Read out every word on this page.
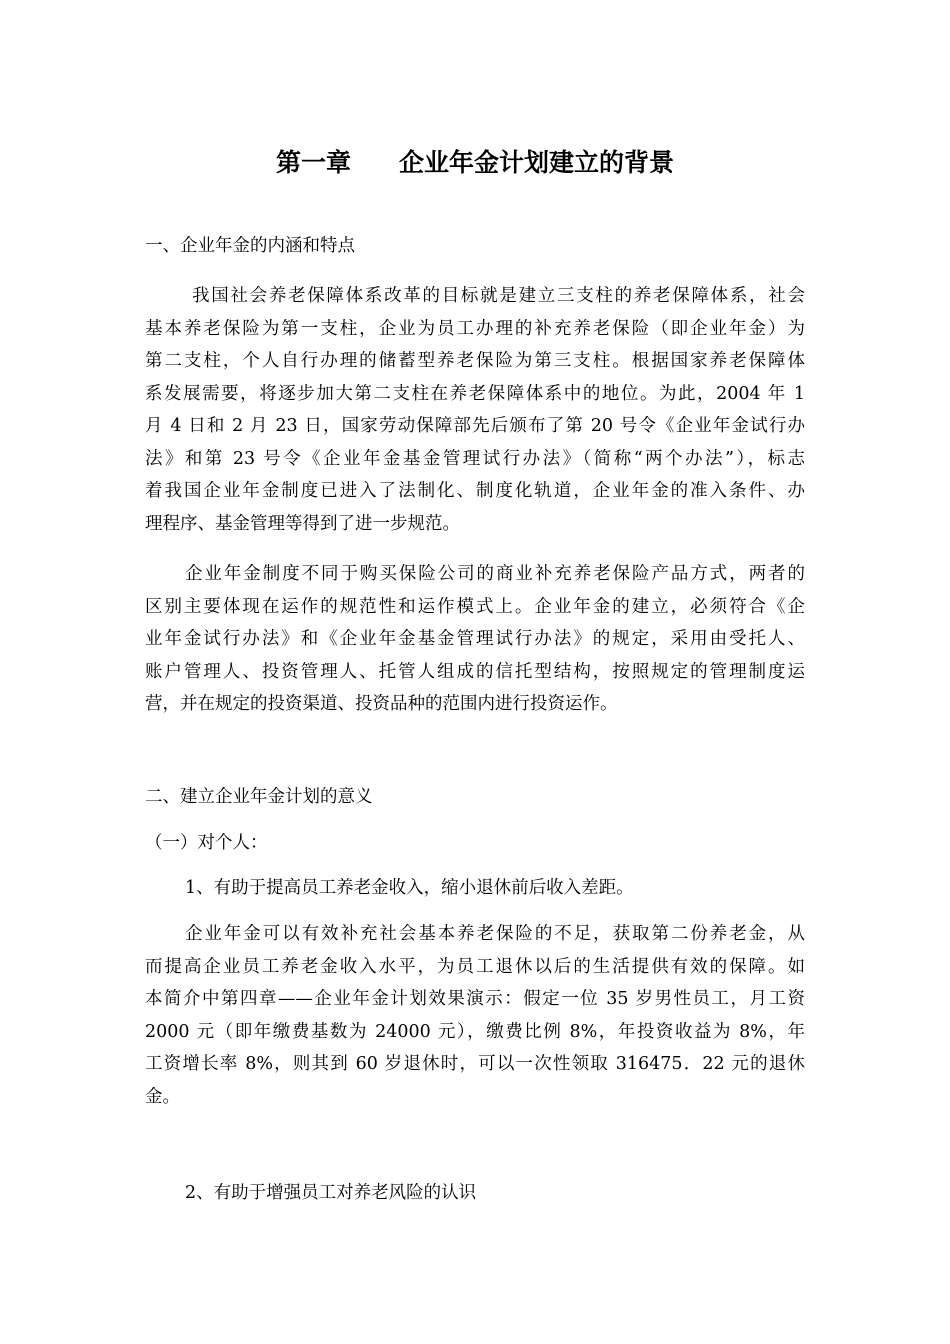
第一章 企业年金计划建立的背景

一、企业年金的内涵和特点

我国社会养老保障体系改革的目标就是建立三支柱的养老保障体系，社会
基本养老保险为第一支柱，企业为员工办理的补充养老保险（即企业年金）为
第二支柱，个人自行办理的储蓄型养老保险为第三支柱。根据国家养老保障体
系发展需要，将逐步加大第二支柱在养老保障体系中的地位。为此，2004 年 1
月 4 日和 2 月 23 日，国家劳动保障部先后颁布了第 20 号令《企业年金试行办
法》和第 23 号令《企业年金基金管理试行办法》（简称“两个办法”），标志
着我国企业年金制度已进入了法制化、制度化轨道，企业年金的准入条件、办
理程序、基金管理等得到了进一步规范。
企业年金制度不同于购买保险公司的商业补充养老保险产品方式，两者的
区别主要体现在运作的规范性和运作模式上。企业年金的建立，必须符合《企
业年金试行办法》和《企业年金基金管理试行办法》的规定，采用由受托人、
账户管理人、投资管理人、托管人组成的信托型结构，按照规定的管理制度运
营，并在规定的投资渠道、投资品种的范围内进行投资运作。

二、建立企业年金计划的意义

（一）对个人：

1、有助于提高员工养老金收入，缩小退休前后收入差距。

企业年金可以有效补充社会基本养老保险的不足，获取第二份养老金，从
而提高企业员工养老金收入水平，为员工退休以后的生活提供有效的保障。如
本简介中第四章——企业年金计划效果演示：假定一位 35 岁男性员工，月工资
2000 元（即年缴费基数为 24000 元），缴费比例 8%，年投资收益为 8%，年
工资增长率 8%，则其到 60 岁退休时，可以一次性领取 316475．22 元的退休
金。

2、有助于增强员工对养老风险的认识
